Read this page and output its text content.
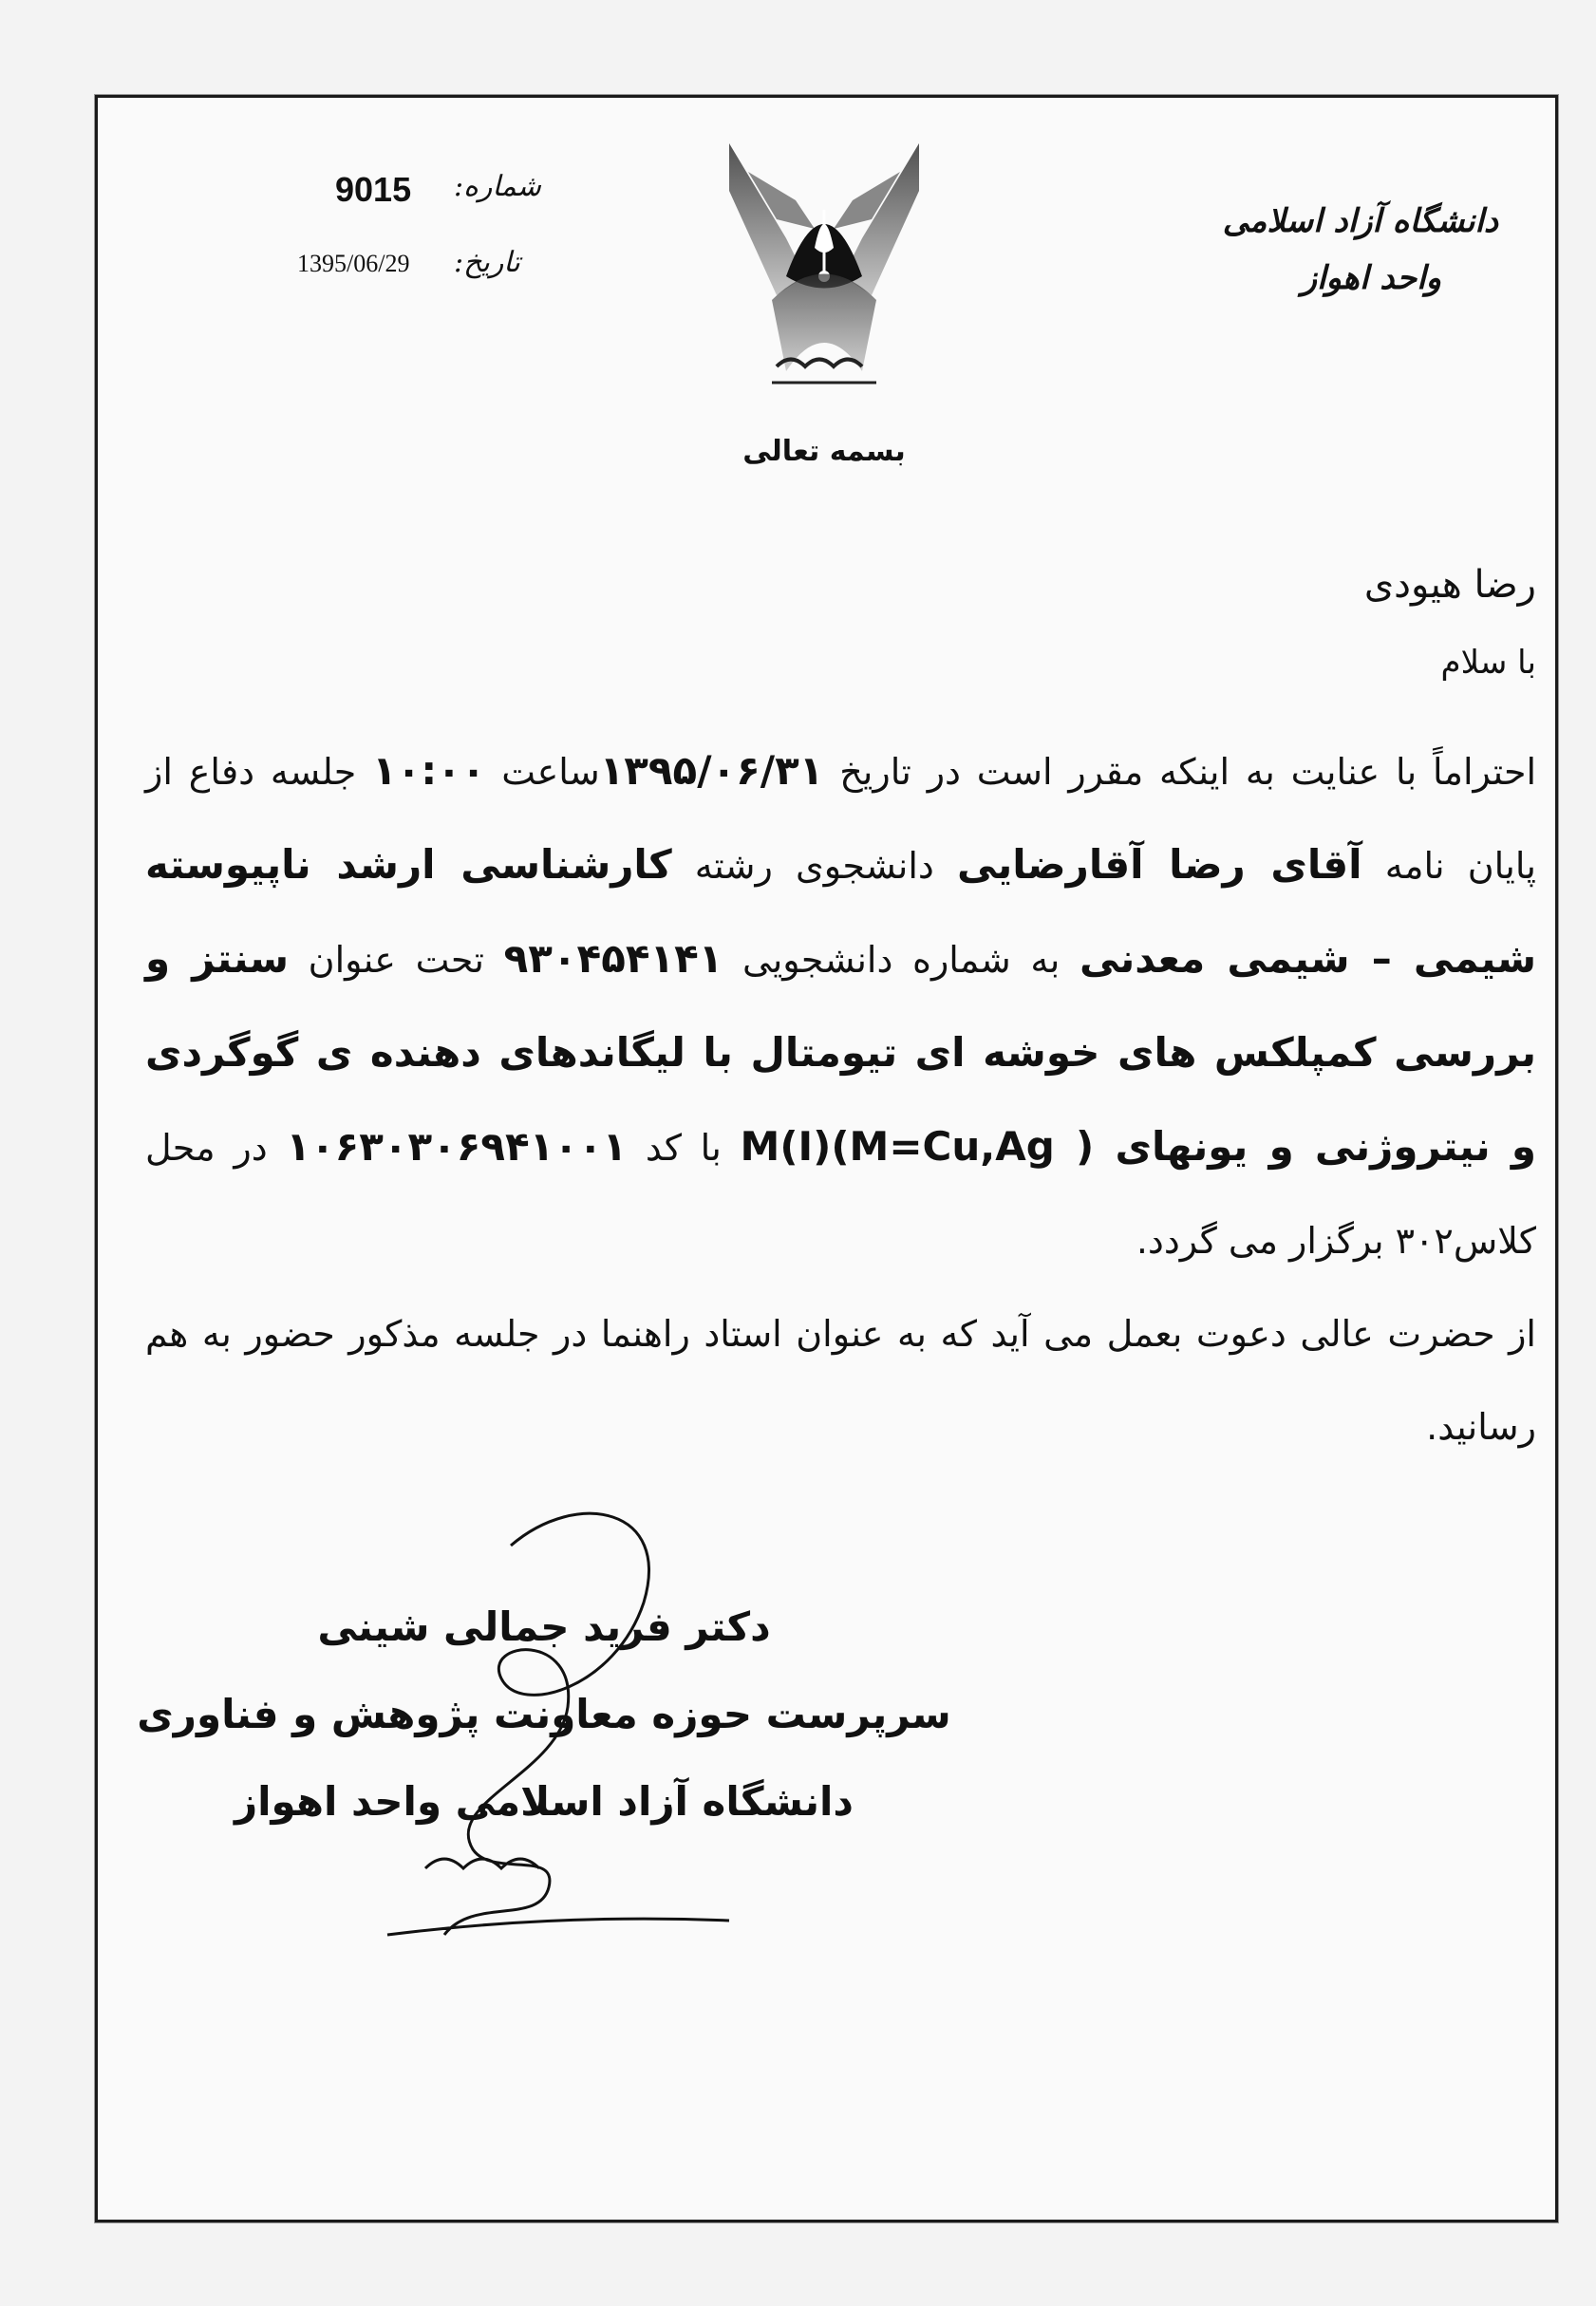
دانشگاه آزاد اسلامی
واحد اهواز
9015 شماره:
1395/06/29 تاریخ:
بسمه تعالی
رضا هیودی
با سلام
احتراماً با عنایت به اینکه مقرر است در تاریخ ۱۳۹۵/۰۶/۳۱ساعت ۱۰:۰۰ جلسه دفاع از پایان نامه آقای رضا آقارضایی دانشجوی رشته کارشناسی ارشد ناپیوسته شیمی – شیمی معدنی به شماره دانشجویی ۹۳۰۴۵۴۱۴۱ تحت عنوان سنتز و بررسی کمپلکس های خوشه ای تیومتال با لیگاندهای دهنده ی گوگردی و نیتروژنی و یونهای M(I)(M=Cu,Ag ) با کد ۱۰۶۳۰۳۰۶۹۴۱۰۰۱ در محل کلاس۳۰۲ برگزار می گردد.
از حضرت عالی دعوت بعمل می آید که به عنوان استاد راهنما در جلسه مذکور حضور به هم رسانید.
دکتر فرید جمالی شینی
سرپرست حوزه معاونت پژوهش و فناوری
دانشگاه آزاد اسلامی واحد اهواز
